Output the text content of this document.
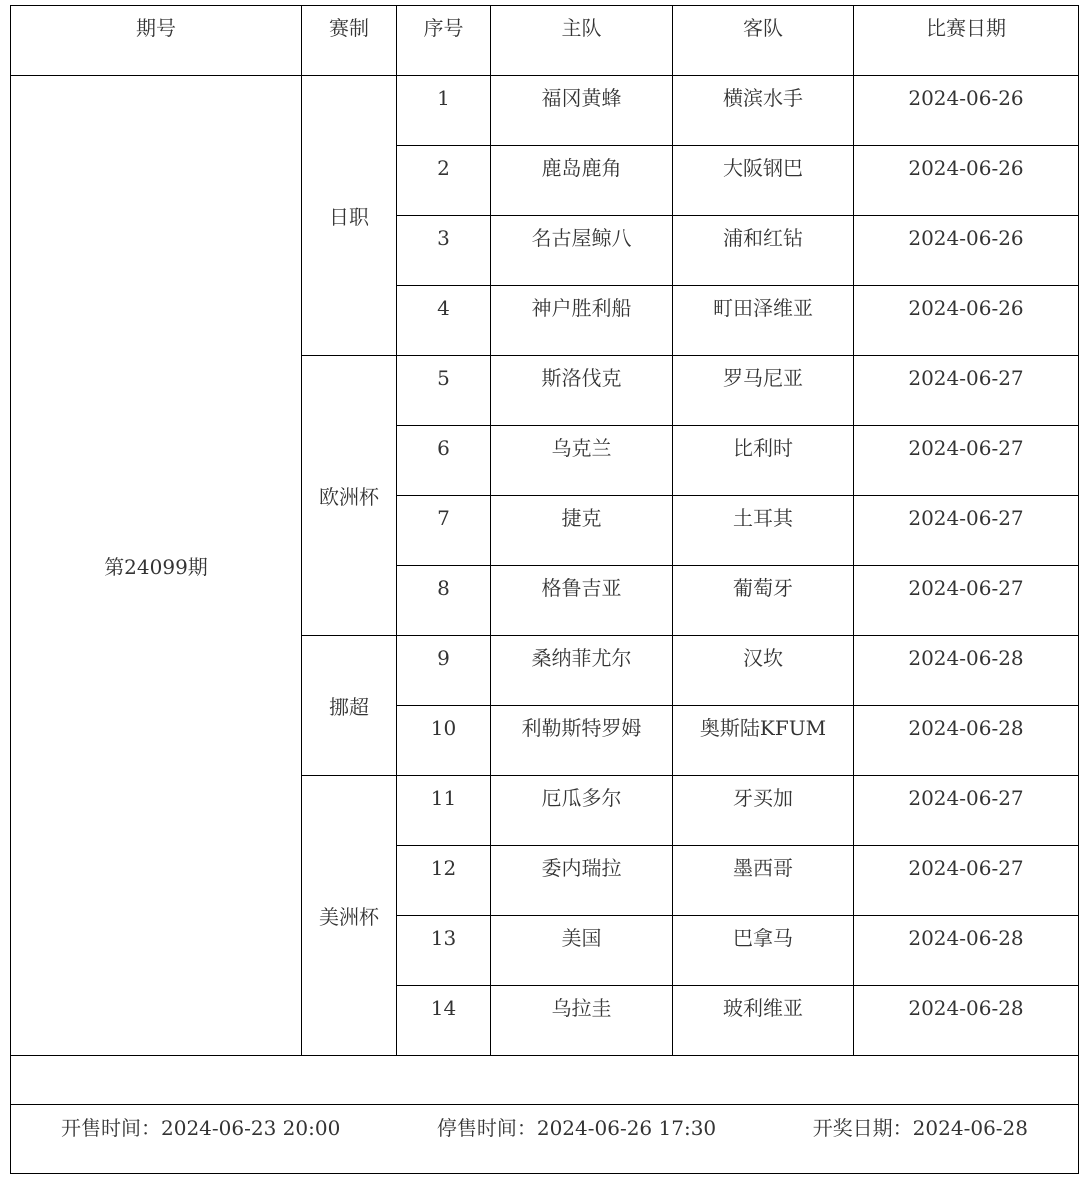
期号	赛制	序号	主队	客队	比赛日期

第24099期	日职	1	福冈黄蜂	横滨水手	2024-06-26

		2	鹿岛鹿角	大阪钢巴	2024-06-26

		3	名古屋鲸八	浦和红钻	2024-06-26

		4	神户胜利船	町田泽维亚	2024-06-26

	欧洲杯	5	斯洛伐克	罗马尼亚	2024-06-27

		6	乌克兰	比利时	2024-06-27

		7	捷克	土耳其	2024-06-27

		8	格鲁吉亚	葡萄牙	2024-06-27

	挪超	9	桑纳菲尤尔	汉坎	2024-06-28

		10	利勒斯特罗姆	奥斯陆KFUM	2024-06-28

	美洲杯	11	厄瓜多尔	牙买加	2024-06-27

		12	委内瑞拉	墨西哥	2024-06-27

		13	美国	巴拿马	2024-06-28

		14	乌拉圭	玻利维亚	2024-06-28

开售时间：2024-06-23 20:00 停售时间：2024-06-26 17:30 开奖日期：2024-06-28					
